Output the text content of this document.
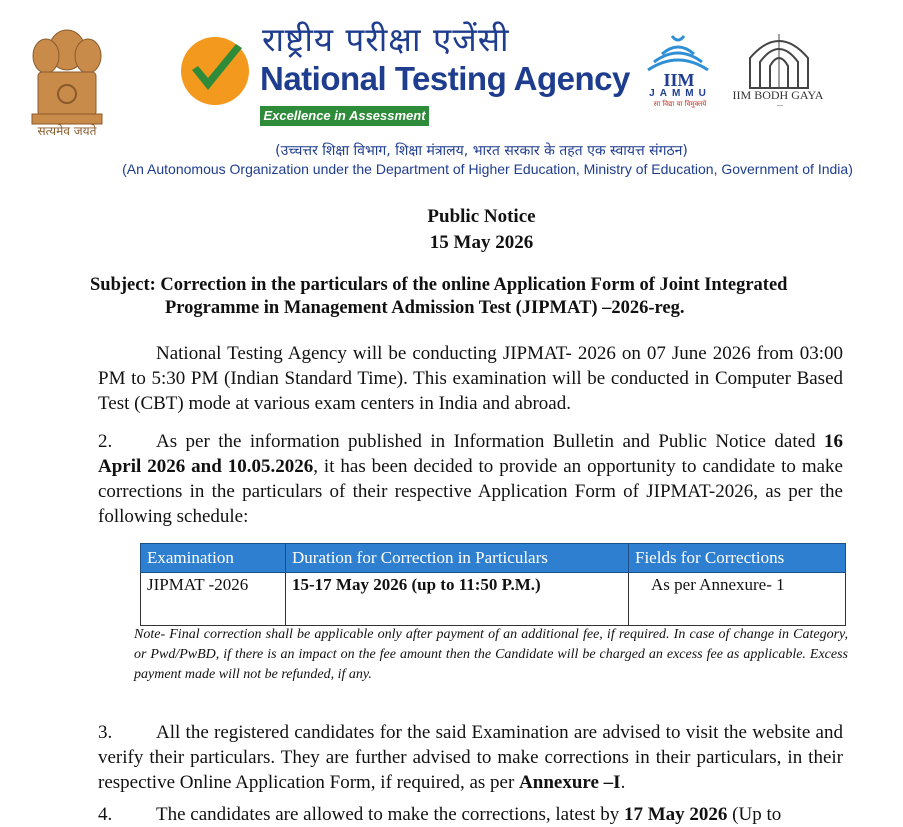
सत्यमेव जयते
राष्ट्रीय परीक्षा एजेंसी
National Testing Agency
Excellence in Assessment
IIM
JAMMU
सा विद्या या विमुक्तये
IIM BODH GAYA
—
(उच्चत्तर शिक्षा विभाग, शिक्षा मंत्रालय, भारत सरकार के तहत एक स्वायत्त संगठन)
(An Autonomous Organization under the Department of Higher Education, Ministry of Education, Government of India)
Public Notice
15 May 2026
Subject: Correction in the particulars of the online Application Form of Joint Integrated
Programme in Management Admission Test (JIPMAT) –2026-reg.
National Testing Agency will be conducting JIPMAT- 2026 on 07 June 2026 from 03:00 PM to 5:30 PM (Indian Standard Time). This examination will be conducted in Computer Based Test (CBT) mode at various exam centers in India and abroad.
2. As per the information published in Information Bulletin and Public Notice dated 16 April 2026 and 10.05.2026, it has been decided to provide an opportunity to candidate to make corrections in the particulars of their respective Application Form of JIPMAT-2026, as per the following schedule:
Examination	Duration for Correction in Particulars	Fields for Corrections
JIPMAT -2026	15-17 May 2026 (up to 11:50 P.M.)	As per Annexure- 1
Note- Final correction shall be applicable only after payment of an additional fee, if required. In case of change in Category, or Pwd/PwBD, if there is an impact on the fee amount then the Candidate will be charged an excess fee as applicable. Excess payment made will not be refunded, if any.
3. All the registered candidates for the said Examination are advised to visit the website and verify their particulars. They are further advised to make corrections in their particulars, in their respective Online Application Form, if required, as per Annexure –I.
4. The candidates are allowed to make the corrections, latest by 17 May 2026 (Up to
